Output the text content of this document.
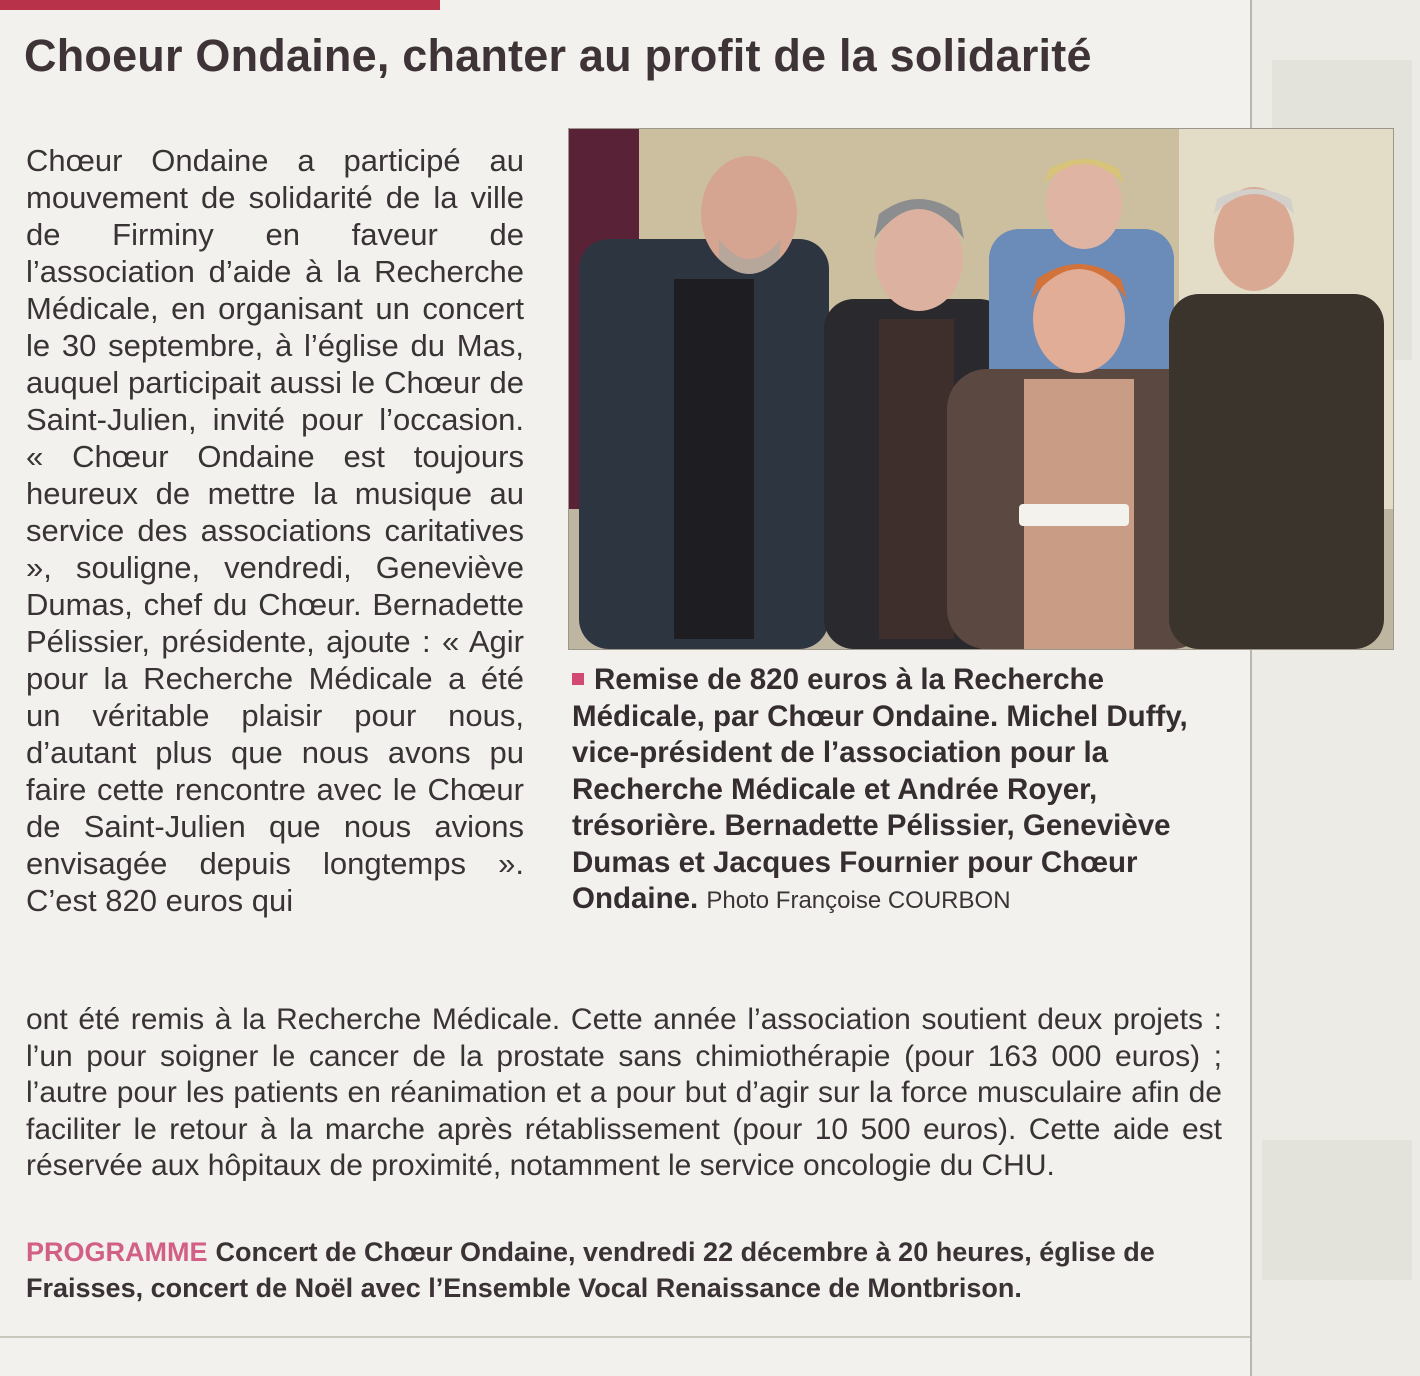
Choeur Ondaine, chanter au profit de la solidarité
Chœur Ondaine a participé au mouvement de solidarité de la ville de Firminy en faveur de l’association d’aide à la Recherche Médicale, en organisant un concert le 30 septembre, à l’église du Mas, auquel participait aussi le Chœur de Saint-Julien, invité pour l’occasion. « Chœur Ondaine est toujours heureux de mettre la musique au service des associations caritatives », souligne, vendredi, Geneviève Dumas, chef du Chœur. Bernadette Pélissier, présidente, ajoute : « Agir pour la Recherche Médicale a été un véritable plaisir pour nous, d’autant plus que nous avons pu faire cette rencontre avec le Chœur de Saint-Julien que nous avions envisagée depuis longtemps ». C’est 820 euros qui
Remise de 820 euros à la Recherche Médicale, par Chœur Ondaine. Michel Duffy, vice-président de l’association pour la Recherche Médicale et Andrée Royer, trésorière. Bernadette Pélissier, Geneviève Dumas et Jacques Fournier pour Chœur Ondaine. Photo Françoise COURBON
ont été remis à la Recherche Médicale. Cette année l’association soutient deux projets : l’un pour soigner le cancer de la prostate sans chimiothérapie (pour 163 000 euros) ; l’autre pour les patients en réanimation et a pour but d’agir sur la force musculaire afin de faciliter le retour à la marche après rétablissement (pour 10 500 euros). Cette aide est réservée aux hôpitaux de proximité, notamment le service oncologie du CHU.
PROGRAMME Concert de Chœur Ondaine, vendredi 22 décembre à 20 heures, église de Fraisses, concert de Noël avec l’Ensemble Vocal Renaissance de Montbrison.
